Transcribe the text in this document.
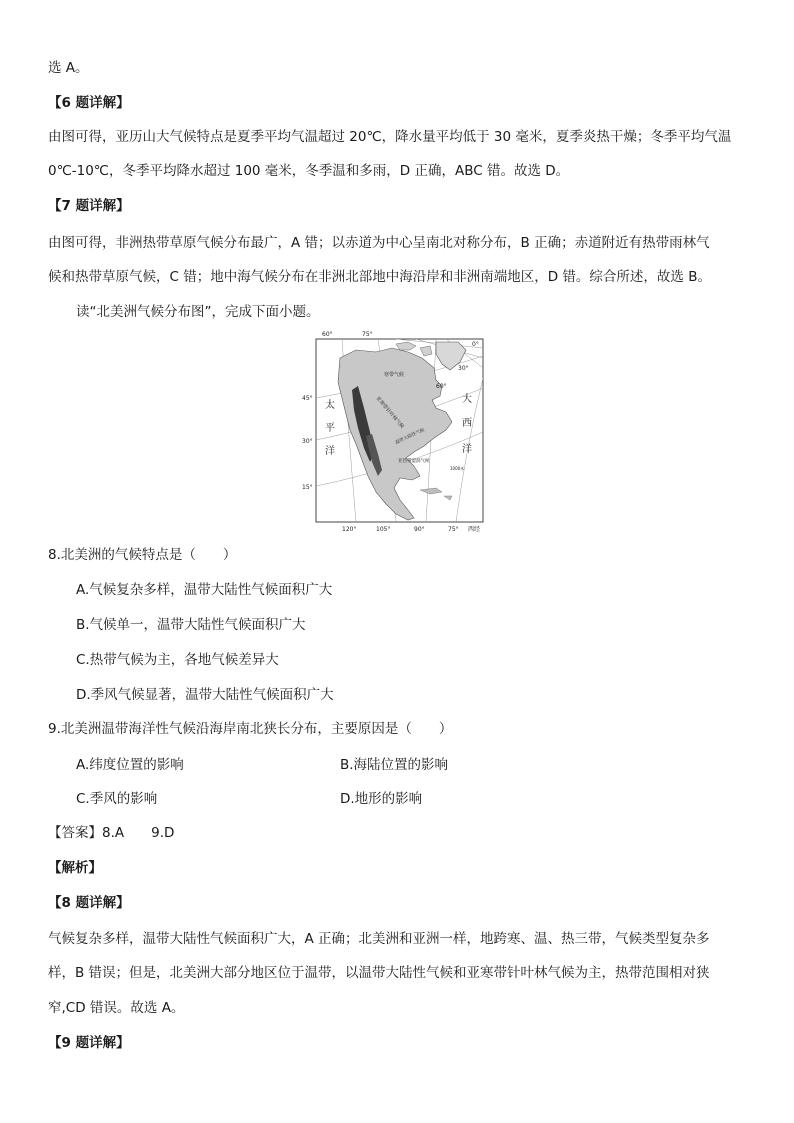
选 A。
【6 题详解】
由图可得，亚历山大气候特点是夏季平均气温超过 20℃，降水量平均低于 30 毫米，夏季炎热干燥；冬季平均气温
0℃-10℃，冬季平均降水超过 100 毫米，冬季温和多雨，D 正确，ABC 错。故选 D。
【7 题详解】
由图可得，非洲热带草原气候分布最广，A 错；以赤道为中心呈南北对称分布，B 正确；赤道附近有热带雨林气
候和热带草原气候，C 错；地中海气候分布在非洲北部地中海沿岸和非洲南端地区，D 错。综合所述，故选 B。
读“北美洲气候分布图”，完成下面小题。
寒带气候
亚寒带针叶林气候
温带大陆性气候
亚热带湿润气候
1000米
太
平
洋
大
西
洋
60°	75°
120°	105°	90°	75° 西经
45°
30°
15°
0°
30°
60°
8.北美洲的气候特点是（　　）
A.气候复杂多样，温带大陆性气候面积广大
B.气候单一，温带大陆性气候面积广大
C.热带气候为主，各地气候差异大
D.季风气候显著，温带大陆性气候面积广大
9.北美洲温带海洋性气候沿海岸南北狭长分布，主要原因是（　　）
A.纬度位置的影响	B.海陆位置的影响
C.季风的影响	D.地形的影响
【答案】8.A　　9.D
【解析】
【8 题详解】
气候复杂多样，温带大陆性气候面积广大，A 正确；北美洲和亚洲一样，地跨寒、温、热三带，气候类型复杂多
样，B 错误；但是，北美洲大部分地区位于温带，以温带大陆性气候和亚寒带针叶林气候为主，热带范围相对狭
窄,CD 错误。故选 A。
【9 题详解】
